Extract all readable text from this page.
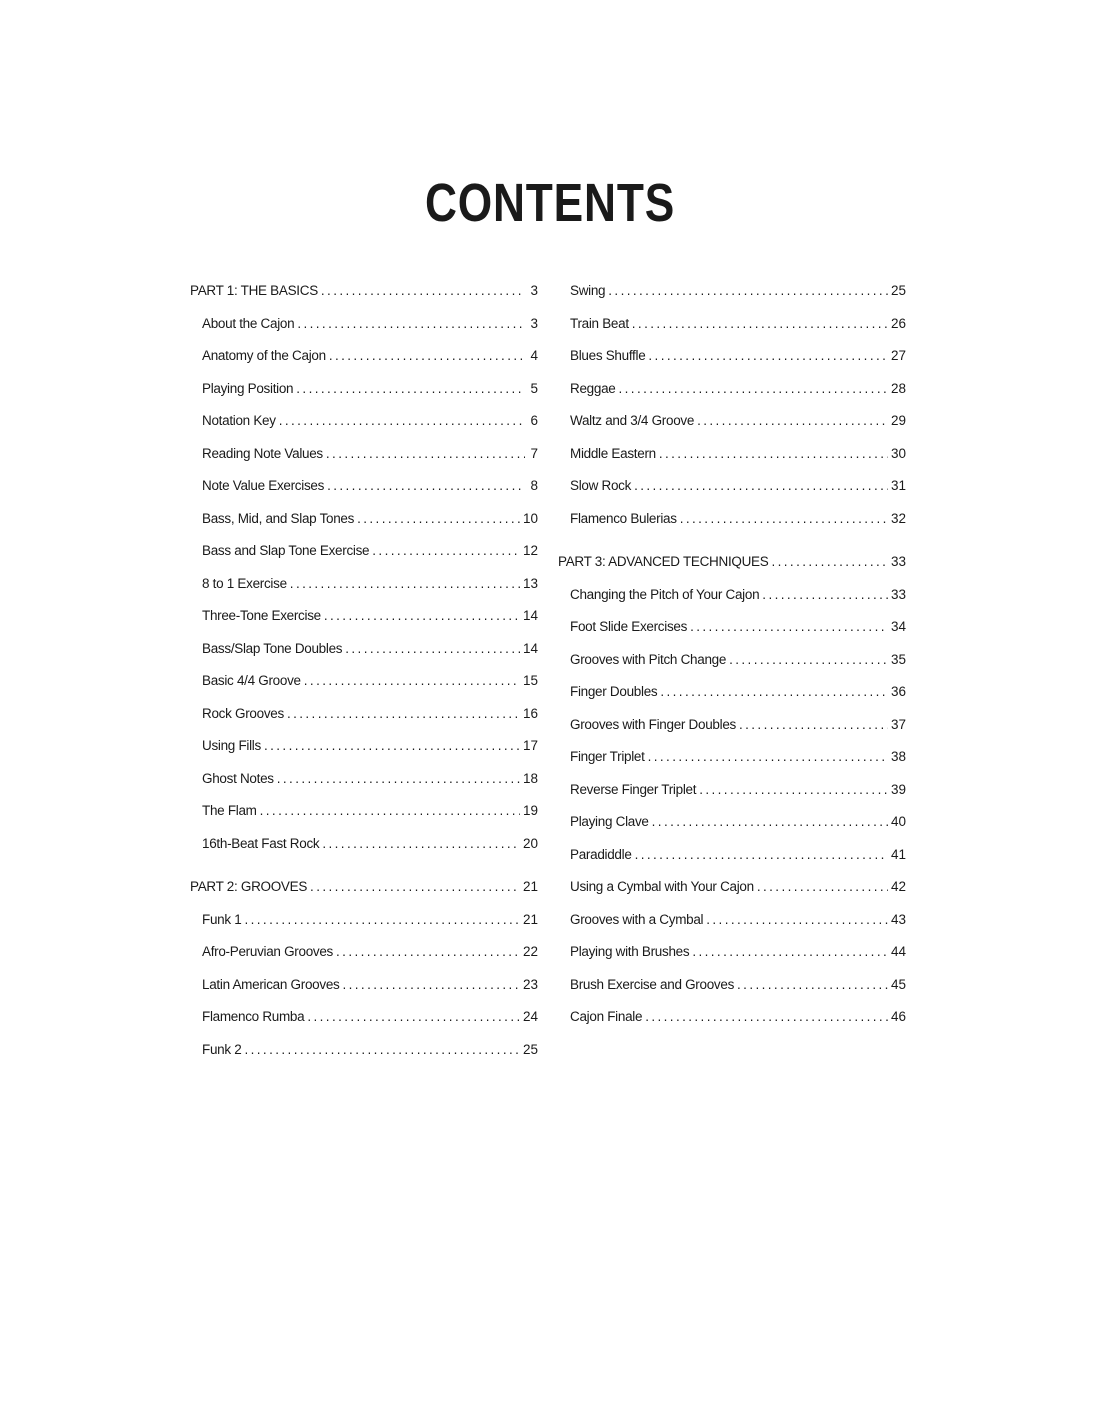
CONTENTS
PART 1: THE BASICS .....	3
About the Cajon .....	3
Anatomy of the Cajon .....	4
Playing Position .....	5
Notation Key .....	6
Reading Note Values .....	7
Note Value Exercises .....	8
Bass, Mid, and Slap Tones .....	10
Bass and Slap Tone Exercise .....	12
8 to 1 Exercise .....	13
Three-Tone Exercise .....	14
Bass/Slap Tone Doubles .....	14
Basic 4/4 Groove .....	15
Rock Grooves .....	16
Using Fills .....	17
Ghost Notes .....	18
The Flam .....	19
16th-Beat Fast Rock .....	20
PART 2: GROOVES .....	21
Funk 1 .....	21
Afro-Peruvian Grooves .....	22
Latin American Grooves .....	23
Flamenco Rumba .....	24
Funk 2 .....	25
Swing .....	25
Train Beat .....	26
Blues Shuffle .....	27
Reggae .....	28
Waltz and 3/4 Groove .....	29
Middle Eastern .....	30
Slow Rock .....	31
Flamenco Bulerias .....	32
PART 3: ADVANCED TECHNIQUES .....	33
Changing the Pitch of Your Cajon .....	33
Foot Slide Exercises .....	34
Grooves with Pitch Change .....	35
Finger Doubles .....	36
Grooves with Finger Doubles .....	37
Finger Triplet .....	38
Reverse Finger Triplet .....	39
Playing Clave .....	40
Paradiddle .....	41
Using a Cymbal with Your Cajon .....	42
Grooves with a Cymbal .....	43
Playing with Brushes .....	44
Brush Exercise and Grooves .....	45
Cajon Finale .....	46
